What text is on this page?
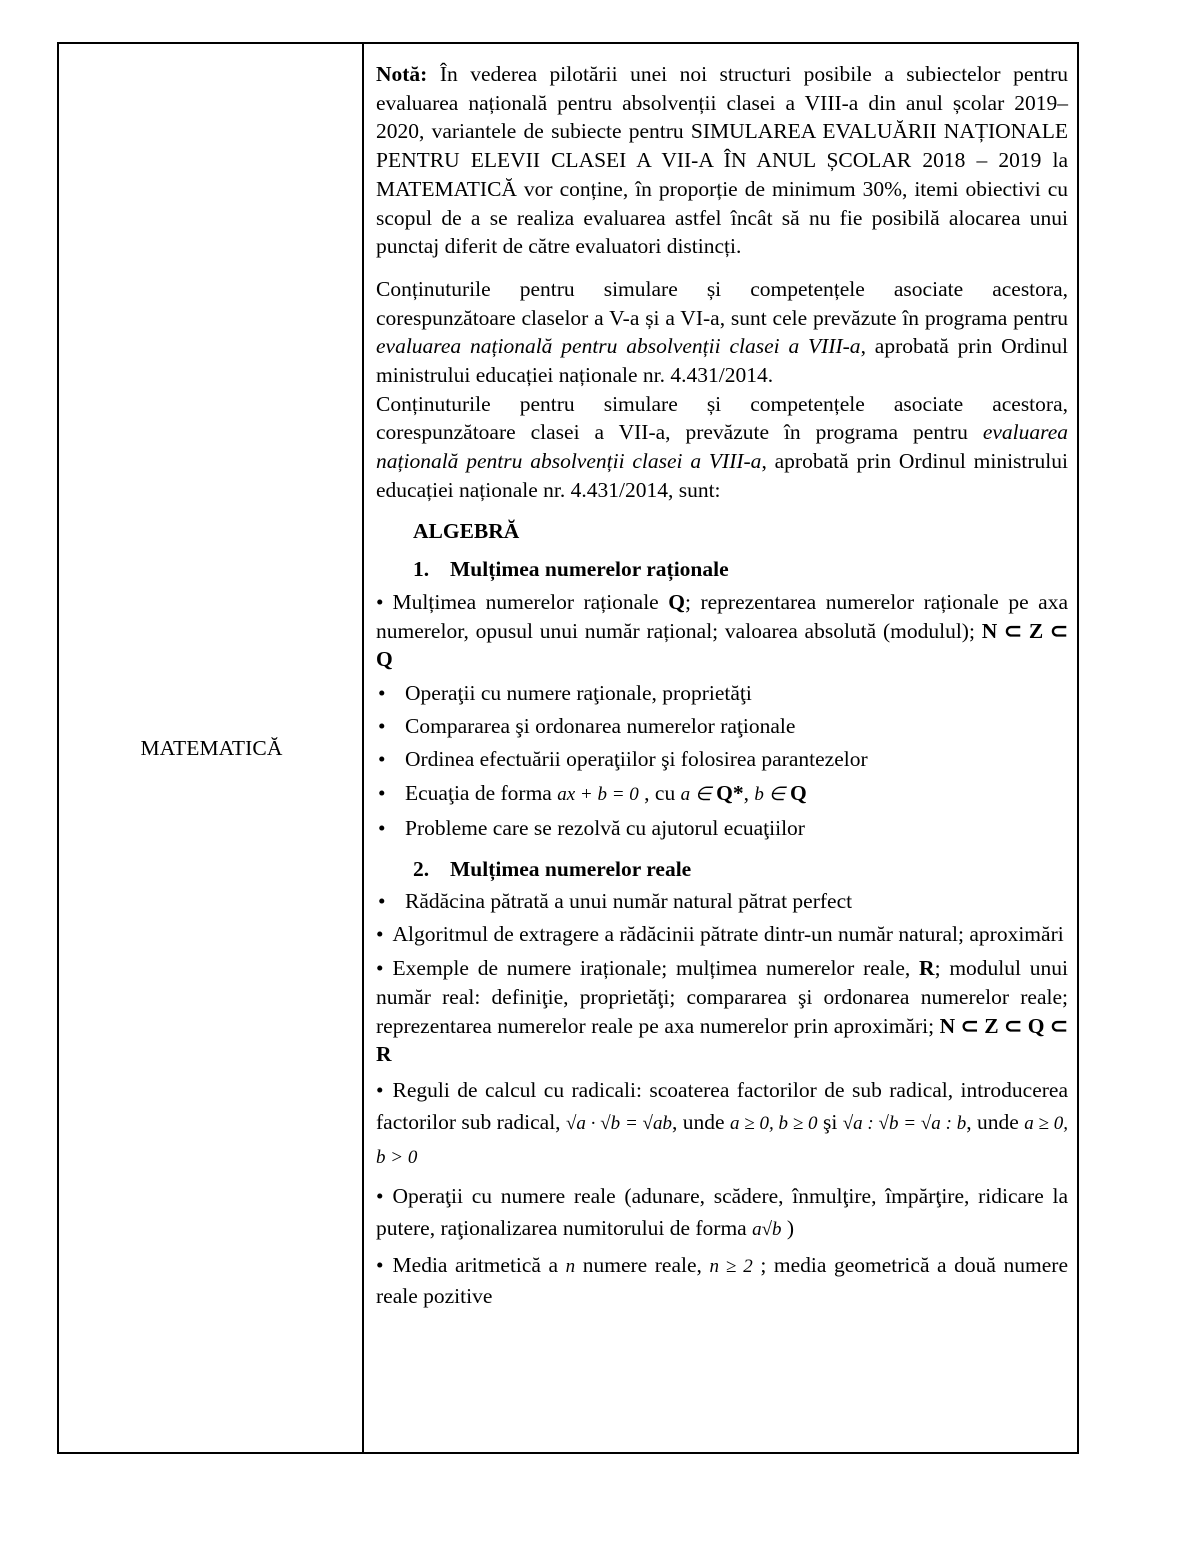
MATEMATICĂ

Notă: În vederea pilotării unei noi structuri posibile a subiectelor pentru evaluarea națională pentru absolvenții clasei a VIII-a din anul școlar 2019–2020, variantele de subiecte pentru SIMULAREA EVALUĂRII NAȚIONALE PENTRU ELEVII CLASEI A VII-A ÎN ANUL ȘCOLAR 2018 – 2019 la MATEMATICĂ vor conține, în proporție de minimum 30%, itemi obiectivi cu scopul de a se realiza evaluarea astfel încât să nu fie posibilă alocarea unui punctaj diferit de către evaluatori distincți.

Conținuturile pentru simulare și competențele asociate acestora, corespunzătoare claselor a V-a și a VI-a, sunt cele prevăzute în programa pentru evaluarea națională pentru absolvenții clasei a VIII-a, aprobată prin Ordinul ministrului educației naționale nr. 4.431/2014.

Conținuturile pentru simulare și competențele asociate acestora, corespunzătoare clasei a VII-a, prevăzute în programa pentru evaluarea națională pentru absolvenții clasei a VIII-a, aprobată prin Ordinul ministrului educației naționale nr. 4.431/2014, sunt:

ALGEBRĂ
1. Mulțimea numerelor raționale

• Mulțimea numerelor raționale Q; reprezentarea numerelor raționale pe axa numerelor, opusul unui număr rațional; valoarea absolută (modulul); N ⊂ Z ⊂ Q

• Operaţii cu numere raţionale, proprietăţi
• Compararea şi ordonarea numerelor raţionale
• Ordinea efectuării operaţiilor şi folosirea parantezelor
• Ecuaţia de forma ax + b = 0 , cu a ∈ Q*, b ∈ Q
• Probleme care se rezolvă cu ajutorul ecuaţiilor
2. Mulțimea numerelor reale
• Rădăcina pătrată a unui număr natural pătrat perfect

• Algoritmul de extragere a rădăcinii pătrate dintr-un număr natural; aproximări

• Exemple de numere iraționale; mulțimea numerelor reale, R; modulul unui număr real: definiţie, proprietăţi; compararea şi ordonarea numerelor reale; reprezentarea numerelor reale pe axa numerelor prin aproximări; N ⊂ Z ⊂ Q ⊂ R

• Reguli de calcul cu radicali: scoaterea factorilor de sub radical, introducerea factorilor sub radical, √a · √b = √ab, unde a ≥ 0, b ≥ 0 şi √a : √b = √a : b, unde a ≥ 0, b > 0

• Operaţii cu numere reale (adunare, scădere, înmulţire, împărţire, ridicare la putere, raţionalizarea numitorului de forma a√b )

• Media aritmetică a n numere reale, n ≥ 2 ; media geometrică a două numere reale pozitive
